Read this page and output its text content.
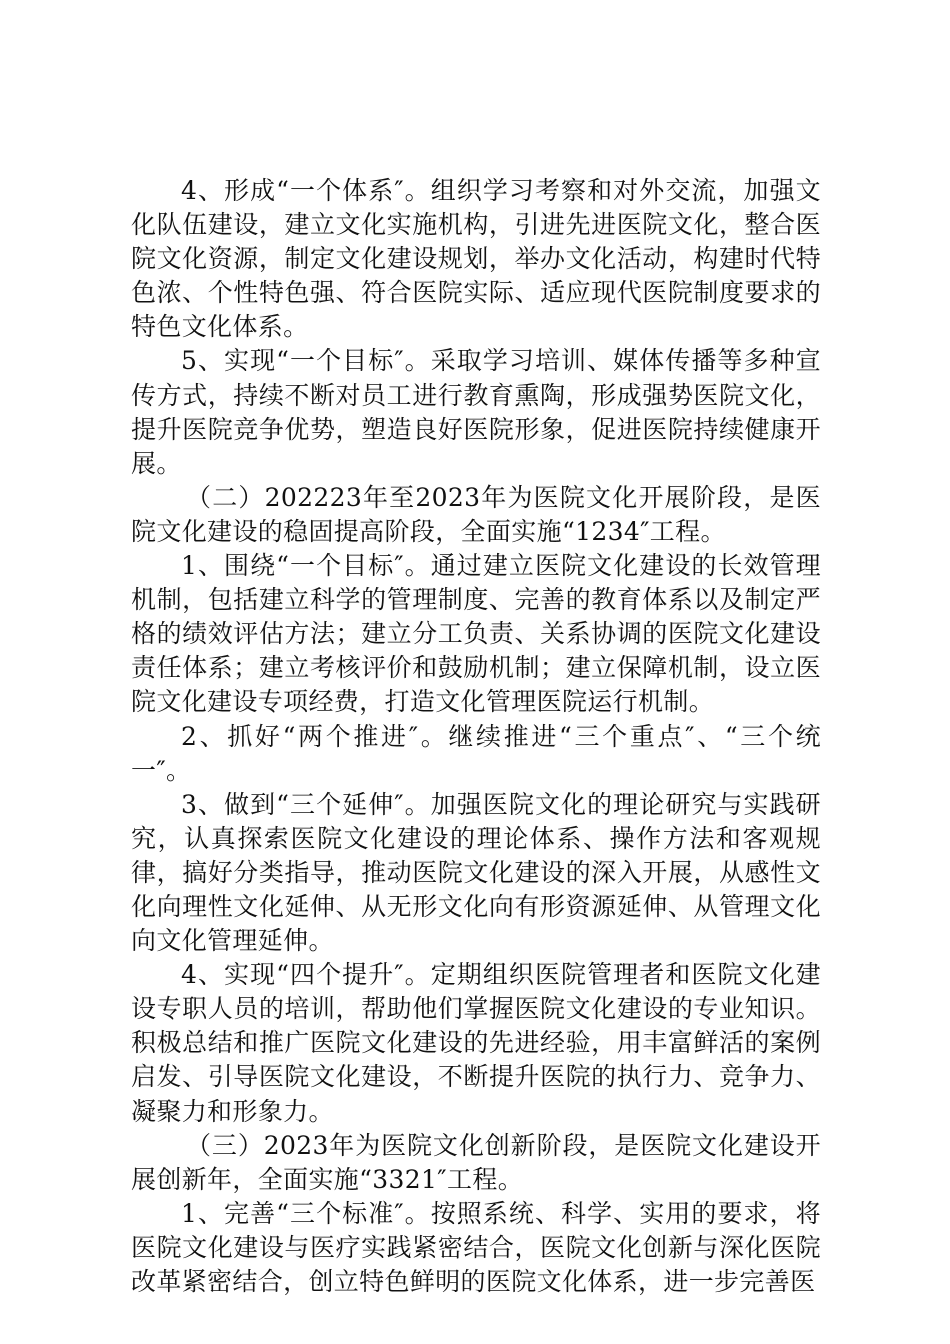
4、形成“一个体系″。组织学习考察和对外交流，加强文化队伍建设，建立文化实施机构，引进先进医院文化，整合医院文化资源，制定文化建设规划，举办文化活动，构建时代特色浓、个性特色强、符合医院实际、适应现代医院制度要求的特色文化体系。

5、实现“一个目标″。采取学习培训、媒体传播等多种宣传方式，持续不断对员工进行教育熏陶，形成强势医院文化，提升医院竞争优势，塑造良好医院形象，促进医院持续健康开展。

（二）202223年至2023年为医院文化开展阶段，是医院文化建设的稳固提高阶段，全面实施“1234″工程。

1、围绕“一个目标″。通过建立医院文化建设的长效管理机制，包括建立科学的管理制度、完善的教育体系以及制定严格的绩效评估方法；建立分工负责、关系协调的医院文化建设责任体系；建立考核评价和鼓励机制；建立保障机制，设立医院文化建设专项经费，打造文化管理医院运行机制。

2、抓好“两个推进″。继续推进“三个重点″、“三个统一″。

3、做到“三个延伸″。加强医院文化的理论研究与实践研究，认真探索医院文化建设的理论体系、操作方法和客观规律，搞好分类指导，推动医院文化建设的深入开展，从感性文化向理性文化延伸、从无形文化向有形资源延伸、从管理文化向文化管理延伸。

4、实现“四个提升″。定期组织医院管理者和医院文化建设专职人员的培训，帮助他们掌握医院文化建设的专业知识。积极总结和推广医院文化建设的先进经验，用丰富鲜活的案例启发、引导医院文化建设，不断提升医院的执行力、竞争力、凝聚力和形象力。

（三）2023年为医院文化创新阶段，是医院文化建设开展创新年，全面实施“3321″工程。

1、完善“三个标准″。按照系统、科学、实用的要求，将医院文化建设与医疗实践紧密结合，医院文化创新与深化医院改革紧密结合，创立特色鲜明的医院文化体系，进一步完善医
